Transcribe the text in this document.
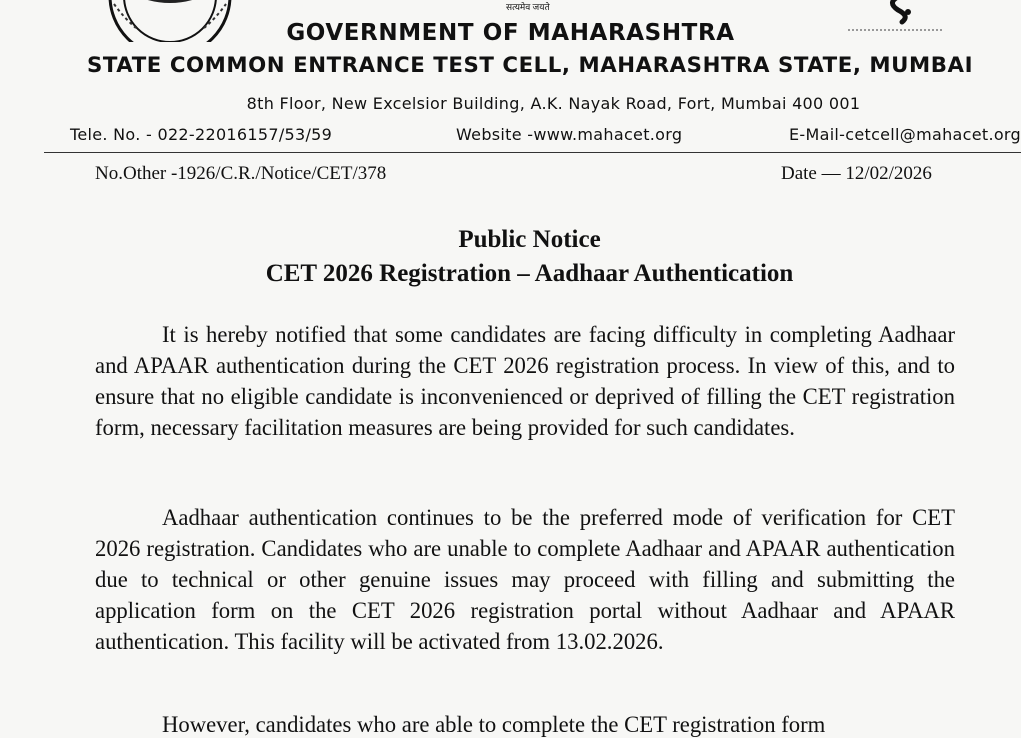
सत्यमेव जयते
GOVERNMENT OF MAHARASHTRA
STATE COMMON ENTRANCE TEST CELL, MAHARASHTRA STATE, MUMBAI
8th Floor, New Excelsior Building, A.K. Nayak Road, Fort, Mumbai 400 001
Tele. No. - 022-22016157/53/59	Website -www.mahacet.org	E-Mail-cetcell@mahacet.org
No.Other -1926/C.R./Notice/CET/378	Date — 12/02/2026
Public Notice
CET 2026 Registration – Aadhaar Authentication

It is hereby notified that some candidates are facing difficulty in completing Aadhaar and APAAR authentication during the CET 2026 registration process. In view of this, and to ensure that no eligible candidate is inconvenienced or deprived of filling the CET registration form, necessary facilitation measures are being provided for such candidates.

Aadhaar authentication continues to be the preferred mode of verification for CET 2026 registration. Candidates who are unable to complete Aadhaar and APAAR authentication due to technical or other genuine issues may proceed with filling and submitting the application form on the CET 2026 registration portal without Aadhaar and APAAR authentication. This facility will be activated from 13.02.2026.

However, candidates who are able to complete the CET registration form
